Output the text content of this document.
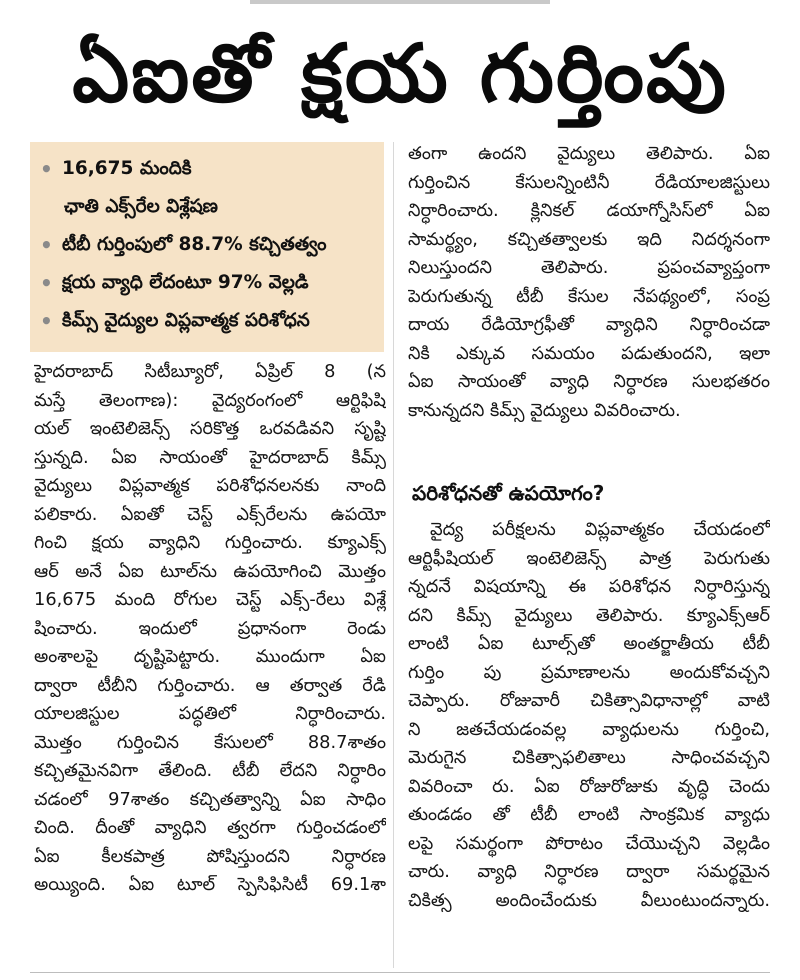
ఏఐతో క్షయ గుర్తింపు
• 16,675 మందికి
ఛాతి ఎక్స్‌రేల విశ్లేషణ
• టీబీ గుర్తింపులో 88.7% కచ్చితత్వం
• క్షయ వ్యాధి లేదంటూ 97% వెల్లడి
• కిమ్స్ వైద్యుల విప్లవాత్మక పరిశోధన
హైదరాబాద్ సిటీబ్యూరో, ఏప్రిల్ 8 (న
మస్తే తెలంగాణ): వైద్యరంగంలో ఆర్టిఫిషి
యల్ ఇంటెలిజెన్స్ సరికొత్త ఒరవడివని సృష్టి
స్తున్నది. ఏఐ సాయంతో హైదరాబాద్ కిమ్స్
వైద్యులు విప్లవాత్మక పరిశోధనలనకు నాంది
పలికారు. ఏఐతో చెస్ట్ ఎక్స్‌రేలను ఉపయో
గించి క్షయ వ్యాధిని గుర్తించారు. క్యూఎక్స్
ఆర్ అనే ఏఐ టూల్‌ను ఉపయోగించి మొత్తం
16,675 మంది రోగుల చెస్ట్ ఎక్స్-రేలు విశ్లే
షించారు. ఇందులో ప్రధానంగా రెండు
అంశాలపై దృష్టిపెట్టారు. ముందుగా ఏఐ
ద్వారా టీబీని గుర్తించారు. ఆ తర్వాత రేడి
యాలజిస్టుల పద్ధతిలో నిర్ధారించారు.
మొత్తం గుర్తించిన కేసులలో 88.7శాతం
కచ్చితమైనవిగా తేలింది. టీబీ లేదని నిర్ధారిం
చడంలో 97శాతం కచ్చితత్వాన్ని ఏఐ సాధిం
చింది. దీంతో వ్యాధిని త్వరగా గుర్తించడంలో
ఏఐ కీలకపాత్ర పోషిస్తుందని నిర్ధారణ
అయ్యింది. ఏఐ టూల్ స్పెసిఫిసిటీ 69.1శా
తంగా ఉందని వైద్యులు తెలిపారు. ఏఐ
గుర్తించిన కేసులన్నింటినీ రేడియాలజిస్టులు
నిర్ధారించారు. క్లినికల్ డయాగ్నోసిస్‌లో ఏఐ
సామర్థ్యం, కచ్చితత్వాలకు ఇది నిదర్శనంగా
నిలుస్తుందని తెలిపారు. ప్రపంచవ్యాప్తంగా
పెరుగుతున్న టీబీ కేసుల నేపథ్యంలో, సంప్ర
దాయ రేడియోగ్రఫీతో వ్యాధిని నిర్ధారించడా
నికి ఎక్కువ సమయం పడుతుందని, ఇలా
ఏఐ సాయంతో వ్యాధి నిర్ధారణ సులభతరం
కానున్నదని కిమ్స్ వైద్యులు వివరించారు.
పరిశోధనతో ఉపయోగం?
వైద్య పరీక్షలను విప్లవాత్మకం చేయడంలో
ఆర్టిఫీషియల్ ఇంటెలిజెన్స్ పాత్ర పెరుగుతు
న్నదనే విషయాన్ని ఈ పరిశోధన నిర్ధారిస్తున్న
దని కిమ్స్ వైద్యులు తెలిపారు. క్యూఎక్స్‌ఆర్
లాంటి ఏఐ టూల్స్‌తో అంతర్జాతీయ టీబీ
గుర్తిం పు ప్రమాణాలను అందుకోవచ్చని
చెప్పారు. రోజువారీ చికిత్సావిధానాల్లో వాటి
ని జతచేయడంవల్ల వ్యాధులను గుర్తించి,
మెరుగైన చికిత్సాఫలితాలు సాధించవచ్చని
వివరించా రు. ఏఐ రోజురోజుకు వృద్ధి చెందు
తుండడం తో టీబీ లాంటి సాంక్రమిక వ్యాధు
లపై సమర్థంగా పోరాటం చేయొచ్చని వెల్లడిం
చారు. వ్యాధి నిర్ధారణ ద్వారా సమర్థమైన
చికిత్స అందించేందుకు వీలుంటుందన్నారు.
